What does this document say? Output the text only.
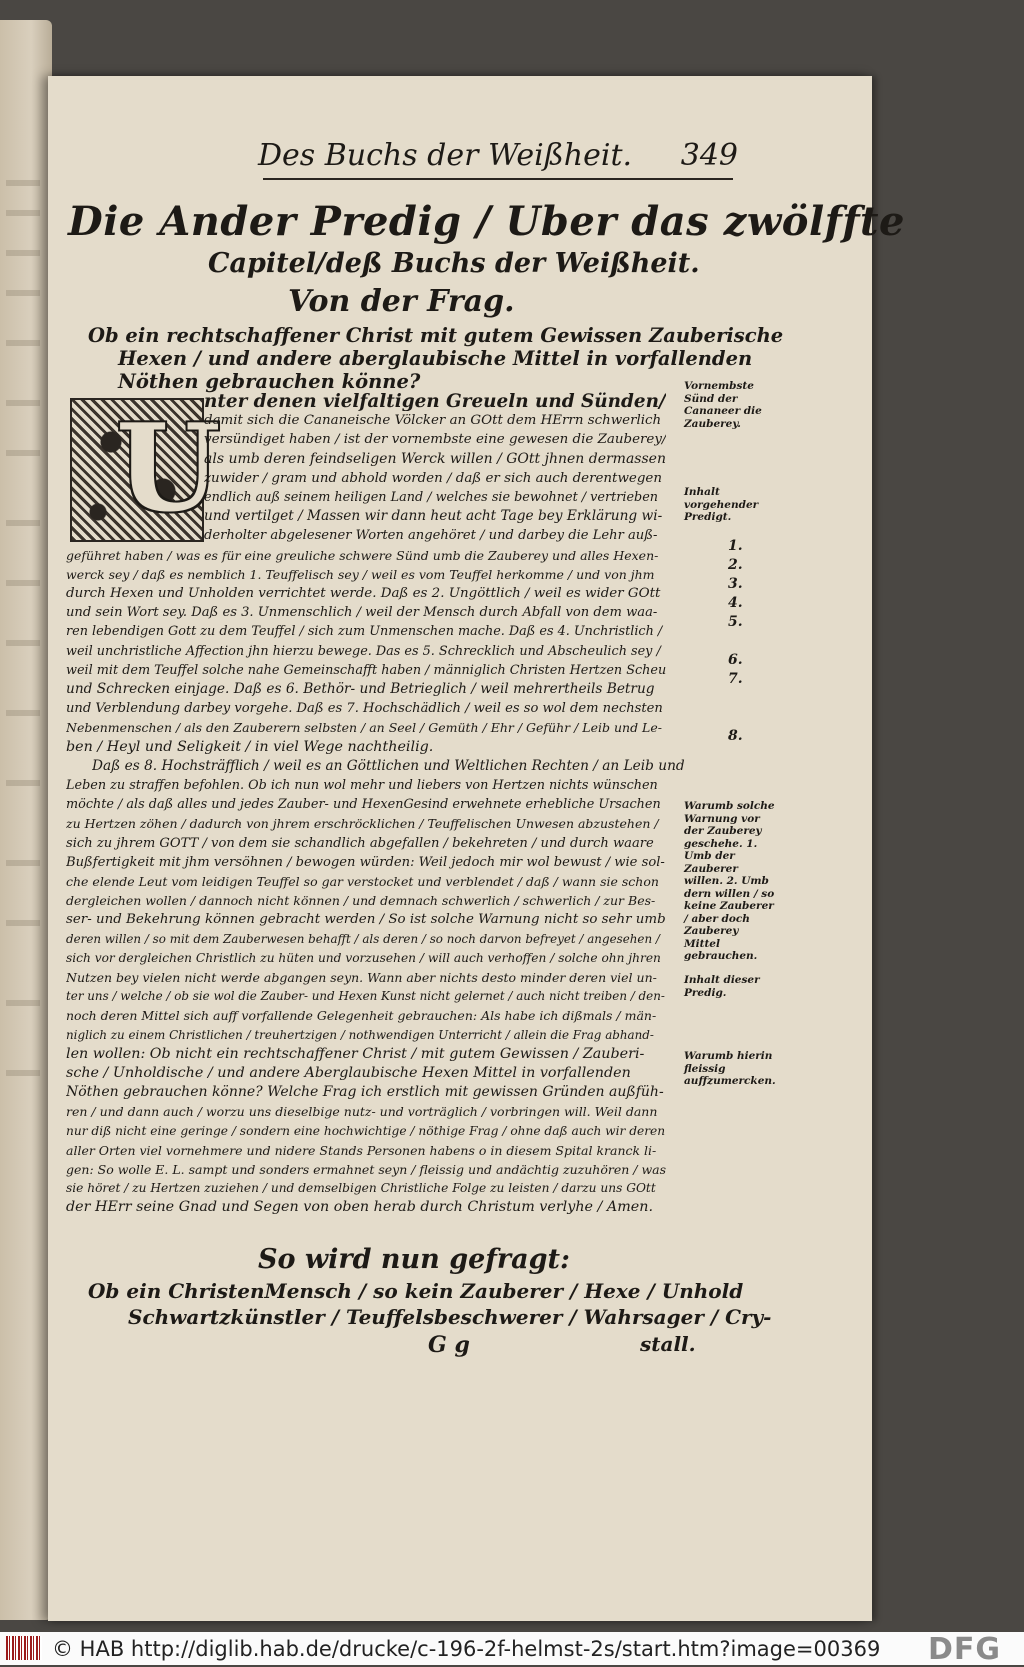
Des Buchs der Weißheit. 349
Die Ander Predig / Uber das zwölffte
Capitel/deß Buchs der Weißheit.
Von der Frag.
Ob ein rechtschaffener Christ mit gutem Gewissen Zauberische
Hexen / und andere aberglaubische Mittel in vorfallenden
Nöthen gebrauchen könne?
U
nter denen vielfaltigen Greueln und Sünden/
damit sich die Cananeische Völcker an GOtt dem HErrn schwerlich
versündiget haben / ist der vornembste eine gewesen die Zauberey/
als umb deren feindseligen Werck willen / GOtt jhnen dermassen
zuwider / gram und abhold worden / daß er sich auch derentwegen
endlich auß seinem heiligen Land / welches sie bewohnet / vertrieben
und vertilget / Massen wir dann heut acht Tage bey Erklärung wi-
derholter abgelesener Worten angehöret / und darbey die Lehr auß-
geführet haben / was es für eine greuliche schwere Sünd umb die Zauberey und alles Hexen-
werck sey / daß es nemblich 1. Teuffelisch sey / weil es vom Teuffel herkomme / und von jhm
durch Hexen und Unholden verrichtet werde. Daß es 2. Ungöttlich / weil es wider GOtt
und sein Wort sey. Daß es 3. Unmenschlich / weil der Mensch durch Abfall von dem waa-
ren lebendigen Gott zu dem Teuffel / sich zum Unmenschen mache. Daß es 4. Unchristlich /
weil unchristliche Affection jhn hierzu bewege. Das es 5. Schrecklich und Abscheulich sey /
weil mit dem Teuffel solche nahe Gemeinschafft haben / männiglich Christen Hertzen Scheu
und Schrecken einjage. Daß es 6. Bethör- und Betrieglich / weil mehrertheils Betrug
und Verblendung darbey vorgehe. Daß es 7. Hochschädlich / weil es so wol dem nechsten
Nebenmenschen / als den Zauberern selbsten / an Seel / Gemüth / Ehr / Geführ / Leib und Le-
ben / Heyl und Seligkeit / in viel Wege nachtheilig.
Daß es 8. Hochsträfflich / weil es an Göttlichen und Weltlichen Rechten / an Leib und
Leben zu straffen befohlen. Ob ich nun wol mehr und liebers von Hertzen nichts wünschen
möchte / als daß alles und jedes Zauber- und HexenGesind erwehnete erhebliche Ursachen
zu Hertzen zöhen / dadurch von jhrem erschröcklichen / Teuffelischen Unwesen abzustehen /
sich zu jhrem GOTT / von dem sie schandlich abgefallen / bekehreten / und durch waare
Bußfertigkeit mit jhm versöhnen / bewogen würden: Weil jedoch mir wol bewust / wie sol-
che elende Leut vom leidigen Teuffel so gar verstocket und verblendet / daß / wann sie schon
dergleichen wollen / dannoch nicht können / und demnach schwerlich / schwerlich / zur Bes-
ser- und Bekehrung können gebracht werden / So ist solche Warnung nicht so sehr umb
deren willen / so mit dem Zauberwesen behafft / als deren / so noch darvon befreyet / angesehen /
sich vor dergleichen Christlich zu hüten und vorzusehen / will auch verhoffen / solche ohn jhren
Nutzen bey vielen nicht werde abgangen seyn. Wann aber nichts desto minder deren viel un-
ter uns / welche / ob sie wol die Zauber- und Hexen Kunst nicht gelernet / auch nicht treiben / den-
noch deren Mittel sich auff vorfallende Gelegenheit gebrauchen: Als habe ich dißmals / män-
niglich zu einem Christlichen / treuhertzigen / nothwendigen Unterricht / allein die Frag abhand-
len wollen: Ob nicht ein rechtschaffener Christ / mit gutem Gewissen / Zauberi-
sche / Unholdische / und andere Aberglaubische Hexen Mittel in vorfallenden
Nöthen gebrauchen könne? Welche Frag ich erstlich mit gewissen Gründen außfüh-
ren / und dann auch / worzu uns dieselbige nutz- und vorträglich / vorbringen will. Weil dann
nur diß nicht eine geringe / sondern eine hochwichtige / nöthige Frag / ohne daß auch wir deren
aller Orten viel vornehmere und nidere Stands Personen habens o in diesem Spital kranck li-
gen: So wolle E. L. sampt und sonders ermahnet seyn / fleissig und andächtig zuzuhören / was
sie höret / zu Hertzen zuziehen / und demselbigen Christliche Folge zu leisten / darzu uns GOtt
der HErr seine Gnad und Segen von oben herab durch Christum verlyhe / Amen.
Vornembste Sünd der Cananeer die Zauberey.
Inhalt vorgehender Predigt.
Warumb solche Warnung vor der Zauberey geschehe. 1. Umb der Zauberer willen. 2. Umb dern willen / so keine Zauberer / aber doch Zauberey Mittel gebrauchen.
Inhalt dieser Predig.
Warumb hierin fleissig auffzumercken.
1.
2.
3.
4.
5.
6.
7.
8.
So wird nun gefragt:
Ob ein ChristenMensch / so kein Zauberer / Hexe / Unhold
Schwartzkünstler / Teuffelsbeschwerer / Wahrsager / Cry-
G g	stall.
© HAB http://diglib.hab.de/drucke/c-196-2f-helmst-2s/start.htm?image=00369 DFG
